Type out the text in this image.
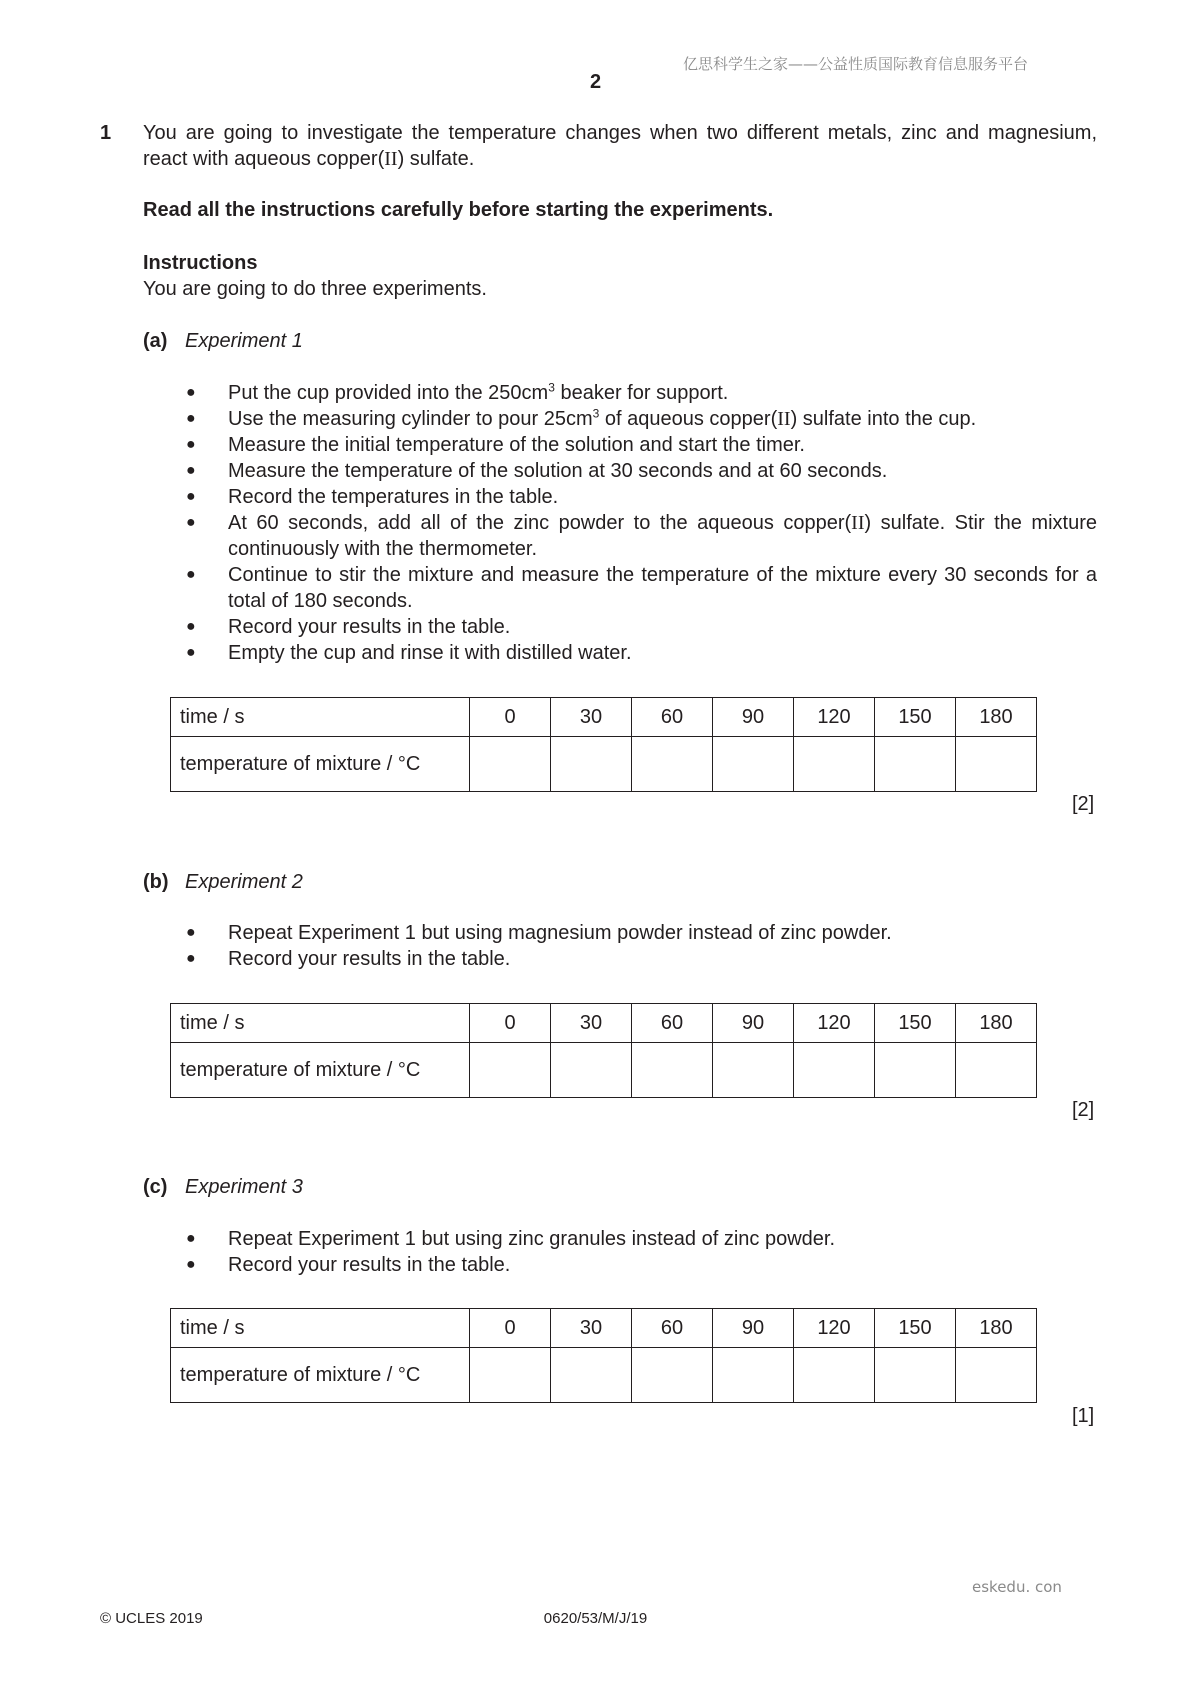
亿思科学生之家——公益性质国际教育信息服务平台
2
1 You are going to investigate the temperature changes when two different metals, zinc and magnesium, react with aqueous copper(II) sulfate.
Read all the instructions carefully before starting the experiments.
Instructions
You are going to do three experiments.
(a) Experiment 1
● Put the cup provided into the $250cm^3$ beaker for support.
● Use the measuring cylinder to pour $25cm^3$ of aqueous copper(II) sulfate into the cup.
● Measure the initial temperature of the solution and start the timer.
● Measure the temperature of the solution at 30 seconds and at 60 seconds.
● Record the temperatures in the table.
● At 60 seconds, add all of the zinc powder to the aqueous copper(II) sulfate. Stir the mixture continuously with the thermometer.
● Continue to stir the mixture and measure the temperature of the mixture every 30 seconds for a total of 180 seconds.
● Record your results in the table.
● Empty the cup and rinse it with distilled water.
time / s	0	30	60	90	120	150	180
temperature of mixture / °C							
[2]
(b) Experiment 2
● Repeat Experiment 1 but using magnesium powder instead of zinc powder.
● Record your results in the table.
time / s	0	30	60	90	120	150	180
temperature of mixture / °C							
[2]
(c) Experiment 3
● Repeat Experiment 1 but using zinc granules instead of zinc powder.
● Record your results in the table.
time / s	0	30	60	90	120	150	180
temperature of mixture / °C							
[1]
eskedu. con
© UCLES 2019	0620/53/M/J/19
